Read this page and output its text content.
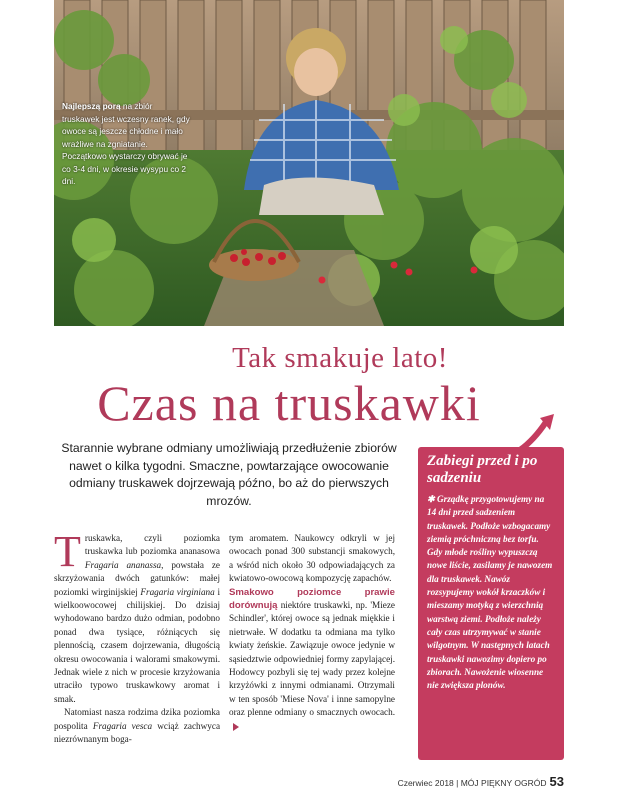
Najlepszą porą na zbiór truskawek jest wczesny ranek, gdy owoce są jeszcze chłodne i mało wrażliwe na zgniatanie. Początkowo wystarczy obrywać je co 3-4 dni, w okresie wysypu co 2 dni.
Tak smakuje lato!
Czas na truskawki
Starannie wybrane odmiany umożliwiają przedłużenie zbiorów nawet o kilka tygodni. Smaczne, powtarzające owocowanie odmiany truskawek dojrzewają późno, bo aż do pierwszych mrozów.

Truskawka, czyli poziomka truskawka lub poziomka ananasowa Fragaria ananassa, powstała ze skrzyżowania dwóch gatunków: małej poziomki wirginijskiej Fragaria virginiana i wielkoowocowej chilijskiej. Do dzisiaj wyhodowano bardzo dużo odmian, podobno ponad dwa tysiące, różniących się plennością, czasem dojrzewania, długością okresu owocowania i walorami smakowymi. Jednak wiele z nich w procesie krzyżowania utraciło typowo truskawkowy aromat i smak.

Natomiast nasza rodzima dzika poziomka pospolita Fragaria vesca wciąż zachwyca niezrównanym boga-

tym aromatem. Naukowcy odkryli w jej owocach ponad 300 substancji smakowych, a wśród nich około 30 odpowiadających za kwiatowo-owocową kompozycję zapachów.

Smakowo poziomce prawie dorównują niektóre truskawki, np. 'Mieze Schindler', której owoce są jednak miękkie i nietrwałe. W dodatku ta odmiana ma tylko kwiaty żeńskie. Zawiązuje owoce jedynie w sąsiedztwie odpowiedniej formy zapylającej. Hodowcy pozbyli się tej wady przez kolejne krzyżówki z innymi odmianami. Otrzymali w ten sposób 'Miese Nova' i inne samopylne oraz plenne odmiany o smacznych owocach.

Zabiegi przed i po sadzeniu
✱ Grządkę przygotowujemy na 14 dni przed sadzeniem truskawek. Podłoże wzbogacamy ziemią próchniczną bez torfu. Gdy młode rośliny wypuszczą nowe liście, zasilamy je nawozem dla truskawek. Nawóz rozsypujemy wokół krzaczków i mieszamy motyką z wierzchnią warstwą ziemi. Podłoże należy cały czas utrzymywać w stanie wilgotnym. W następnych latach truskawki nawozimy dopiero po zbiorach. Nawożenie wiosenne nie zwiększa plonów.
Czerwiec 2018 | MÓJ PIĘKNY OGRÓD 53
